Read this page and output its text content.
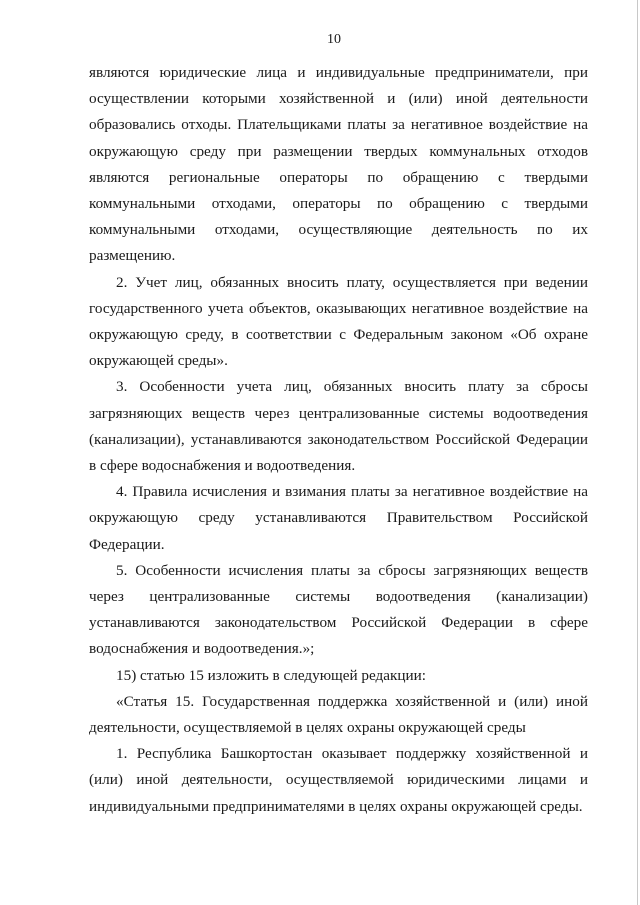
10

являются юридические лица и индивидуальные предприниматели, при осуществлении которыми хозяйственной и (или) иной деятельности образовались отходы. Плательщиками платы за негативное воздействие на окружающую среду при размещении твердых коммунальных отходов являются региональные операторы по обращению с твердыми коммунальными отходами, операторы по обращению с твердыми коммунальными отходами, осуществляющие деятельность по их размещению.

2. Учет лиц, обязанных вносить плату, осуществляется при ведении государственного учета объектов, оказывающих негативное воздействие на окружающую среду, в соответствии с Федеральным законом «Об охране окружающей среды».

3. Особенности учета лиц, обязанных вносить плату за сбросы загрязняющих веществ через централизованные системы водоотведения (канализации), устанавливаются законодательством Российской Федерации в сфере водоснабжения и водоотведения.

4. Правила исчисления и взимания платы за негативное воздействие на окружающую среду устанавливаются Правительством Российской Федерации.

5. Особенности исчисления платы за сбросы загрязняющих веществ через централизованные системы водоотведения (канализации) устанавливаются законодательством Российской Федерации в сфере водоснабжения и водоотведения.»;

15) статью 15 изложить в следующей редакции:

«Статья 15. Государственная поддержка хозяйственной и (или) иной деятельности, осуществляемой в целях охраны окружающей среды

1. Республика Башкортостан оказывает поддержку хозяйственной и (или) иной деятельности, осуществляемой юридическими лицами и индивидуальными предпринимателями в целях охраны окружающей среды.
